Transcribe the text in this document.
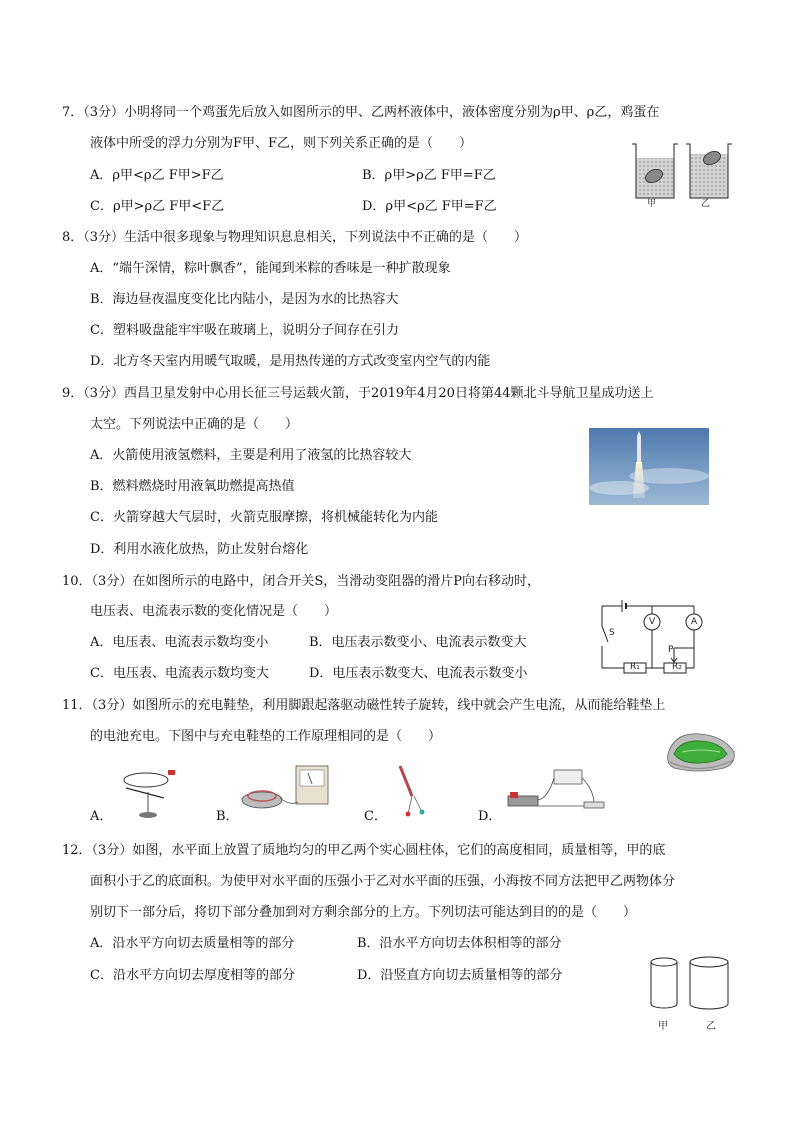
7．（3分）小明将同一个鸡蛋先后放入如图所示的甲、乙两杯液体中，液体密度分别为ρ甲、ρ乙，鸡蛋在
液体中所受的浮力分别为F甲、F乙，则下列关系正确的是（　　）
A．ρ甲<ρ乙 F甲>F乙	B．ρ甲>ρ乙 F甲=F乙
C．ρ甲>ρ乙 F甲<F乙	D．ρ甲<ρ乙 F甲=F乙	甲	乙
8．（3分）生活中很多现象与物理知识息息相关，下列说法中不正确的是（　　）
A．“端午深情，粽叶飘香”，能闻到米粽的香味是一种扩散现象
B．海边昼夜温度变化比内陆小，是因为水的比热容大
C．塑料吸盘能牢牢吸在玻璃上，说明分子间存在引力
D．北方冬天室内用暖气取暖，是用热传递的方式改变室内空气的内能
9．（3分）西昌卫星发射中心用长征三号运载火箭，于2019年4月20日将第44颗北斗导航卫星成功送上
太空。下列说法中正确的是（　　）
A．火箭使用液氢燃料，主要是利用了液氢的比热容较大
B．燃料燃烧时用液氧助燃提高热值
C．火箭穿越大气层时，火箭克服摩擦，将机械能转化为内能
D．利用水液化放热，防止发射台熔化
10．（3分）在如图所示的电路中，闭合开关S，当滑动变阻器的滑片P向右移动时，
电压表、电流表示数的变化情况是（　　）
A．电压表、电流表示数均变小	B．电压表示数变小、电流表示数变大
C．电压表、电流表示数均变大	D．电压表示数变大、电流表示数变小
S
V	A
P
R₁	R₂
11．（3分）如图所示的充电鞋垫，利用脚跟起落驱动磁性转子旋转，线中就会产生电流，从而能给鞋垫上
的电池充电。下图中与充电鞋垫的工作原理相同的是（　　）
A．	B．	C．	D．
12．（3分）如图，水平面上放置了质地均匀的甲乙两个实心圆柱体，它们的高度相同，质量相等，甲的底
面积小于乙的底面积。为使甲对水平面的压强小于乙对水平面的压强，小海按不同方法把甲乙两物体分
别切下一部分后，将切下部分叠加到对方剩余部分的上方。下列切法可能达到目的的是（　　）
A．沿水平方向切去质量相等的部分	B．沿水平方向切去体积相等的部分
C．沿水平方向切去厚度相等的部分	D．沿竖直方向切去质量相等的部分
甲	乙
